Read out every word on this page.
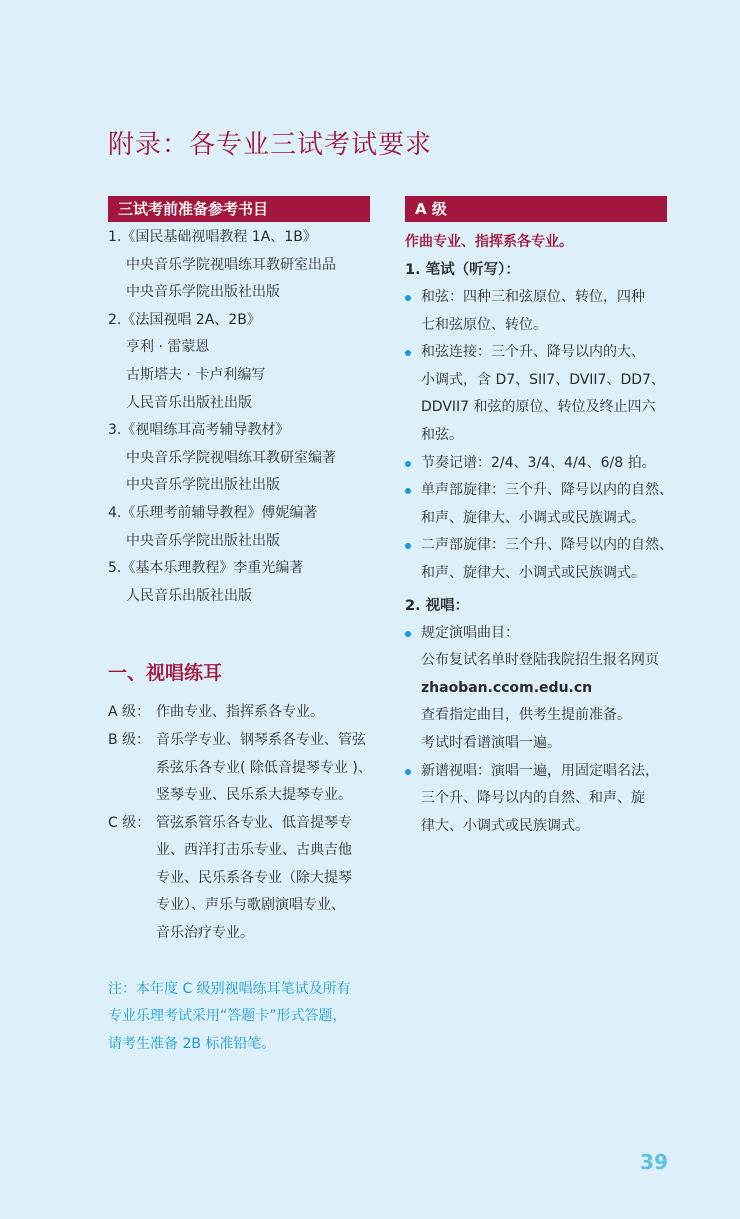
附录：各专业三试考试要求
三试考前准备参考书目
1.《国民基础视唱教程 1A、1B》
中央音乐学院视唱练耳教研室出品
中央音乐学院出版社出版
2.《法国视唱 2A、2B》
亨利 · 雷蒙恩
古斯塔夫 · 卡卢利编写
人民音乐出版社出版
3.《视唱练耳高考辅导教材》
中央音乐学院视唱练耳教研室编著
中央音乐学院出版社出版
4.《乐理考前辅导教程》傅妮编著
中央音乐学院出版社出版
5.《基本乐理教程》李重光编著
人民音乐出版社出版
一、视唱练耳
A 级： 作曲专业、指挥系各专业。
B 级： 音乐学专业、钢琴系各专业、管弦
系弦乐各专业( 除低音提琴专业 )、
竖琴专业、民乐系大提琴专业。
C 级： 管弦系管乐各专业、低音提琴专
业、西洋打击乐专业、古典吉他
专业、民乐系各专业（除大提琴
专业）、声乐与歌剧演唱专业、
音乐治疗专业。
注：本年度 C 级别视唱练耳笔试及所有
专业乐理考试采用“答题卡”形式答题，
请考生准备 2B 标准铅笔。
A 级
作曲专业、指挥系各专业。
1. 笔试（听写）：
和弦：四种三和弦原位、转位，四种
七和弦原位、转位。
和弦连接：三个升、降号以内的大、
小调式，含 D7、SII7、DVII7、DD7、
DDVII7 和弦的原位、转位及终止四六
和弦。
节奏记谱：2/4、3/4、4/4、6/8 拍。
单声部旋律：三个升、降号以内的自然、
和声、旋律大、小调式或民族调式。
二声部旋律：三个升、降号以内的自然、
和声、旋律大、小调式或民族调式。
2. 视唱：
规定演唱曲目：
公布复试名单时登陆我院招生报名网页
zhaoban.ccom.edu.cn
查看指定曲目，供考生提前准备。
考试时看谱演唱一遍。
新谱视唱：演唱一遍，用固定唱名法，
三个升、降号以内的自然、和声、旋
律大、小调式或民族调式。
39
